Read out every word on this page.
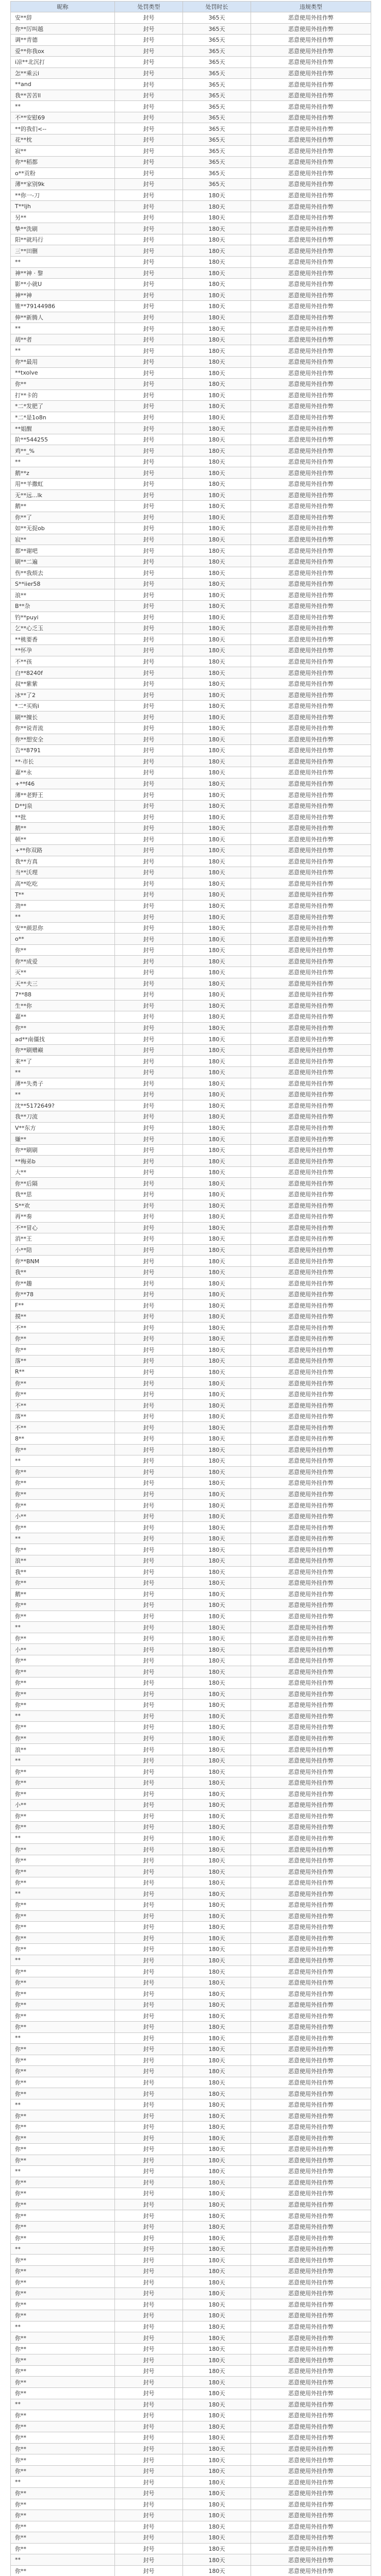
昵称	处罚类型	处罚时长	违规类型
安**辞	封号	365天	恶意使用外挂作弊
你**厉叫越	封号	365天	恶意使用外挂作弊
调**青德	封号	365天	恶意使用外挂作弊
爱**你我ox	封号	365天	恶意使用外挂作弊
i凉**北沉打	封号	365天	恶意使用外挂作弊
怎**乘云i	封号	365天	恶意使用外挂作弊
**and	封号	365天	恶意使用外挂作弊
我**苦苦ll	封号	365天	恶意使用外挂作弊
**	封号	365天	恶意使用外挂作弊
不**安慰69	封号	365天	恶意使用外挂作弊
**的我们<--	封号	365天	恶意使用外挂作弊
花**枕	封号	365天	恶意使用外挂作弊
寂**	封号	365天	恶意使用外挂作弊
你**稻都	封号	365天	恶意使用外挂作弊
o**贡粉	封号	365天	恶意使用外挂作弊
薄**家别9k	封号	365天	恶意使用外挂作弊
**你一-刀	封号	180天	恶意使用外挂作弊
T**ljh	封号	180天	恶意使用外挂作弊
另**	封号	180天	恶意使用外挂作弊
挚**洗刷	封号	180天	恶意使用外挂作弊
阳**就玛行	封号	180天	恶意使用外挂作弊
三**田删	封号	180天	恶意使用外挂作弊
**	封号	180天	恶意使用外挂作弊
神**神 · 黎	封号	180天	恶意使用外挂作弊
影**小就U	封号	180天	恶意使用外挂作弊
神**神	封号	180天	恶意使用外挂作弊
锥**79144986	封号	180天	恶意使用外挂作弊
伸**新腾人	封号	180天	恶意使用外挂作弊
**	封号	180天	恶意使用外挂作弊
胡**者	封号	180天	恶意使用外挂作弊
**	封号	180天	恶意使用外挂作弊
你**最用	封号	180天	恶意使用外挂作弊
**txolve	封号	180天	恶意使用外挂作弊
你**	封号	180天	恶意使用外挂作弊
打**卡的	封号	180天	恶意使用外挂作弊
*二*发肥了	封号	180天	恶意使用外挂作弊
*二*是1o8n	封号	180天	恶意使用外挂作弊
**姐醒	封号	180天	恶意使用外挂作弊
阶**544255	封号	180天	恶意使用外挂作弊
鸡**_%	封号	180天	恶意使用外挂作弊
**	封号	180天	恶意使用外挂作弊
鹅**z	封号	180天	恶意使用外挂作弊
用**羊撒虹	封号	180天	恶意使用外挂作弊
无**远...lk	封号	180天	恶意使用外挂作弊
鹅**	封号	180天	恶意使用外挂作弊
你**了	封号	180天	恶意使用外挂作弊
如**无捉ob	封号	180天	恶意使用外挂作弊
寂**	封号	180天	恶意使用外挂作弊
都**谢吧	封号	180天	恶意使用外挂作弊
刷**二遍	封号	180天	恶意使用外挂作弊
伤**我烦去	封号	180天	恶意使用外挂作弊
S**iier58	封号	180天	恶意使用外挂作弊
浪**	封号	180天	恶意使用外挂作弊
B**杂	封号	180天	恶意使用外挂作弊
钓**puyi	封号	180天	恶意使用外挂作弊
乞**心乏玉	封号	180天	恶意使用外挂作弊
**桃要香	封号	180天	恶意使用外挂作弊
**怀孕	封号	180天	恶意使用外挂作弊
不**孩	封号	180天	恶意使用外挂作弊
白**8240f	封号	180天	恶意使用外挂作弊
叔**紫紫	封号	180天	恶意使用外挂作弊
冰**了2	封号	180天	恶意使用外挂作弊
*二*买购i	封号	180天	恶意使用外挂作弊
刷**擅长	封号	180天	恶意使用外挂作弊
你**说青流	封号	180天	恶意使用外挂作弊
你**想安全	封号	180天	恶意使用外挂作弊
告**8791	封号	180天	恶意使用外挂作弊
**·市长	封号	180天	恶意使用外挂作弊
嘉**永	封号	180天	恶意使用外挂作弊
+**f46	封号	180天	恶意使用外挂作弊
薄**老野王	封号	180天	恶意使用外挂作弊
D**J泉	封号	180天	恶意使用外挂作弊
**批	封号	180天	恶意使用外挂作弊
鹅**	封号	180天	恶意使用外挂作弊
顿**	封号	180天	恶意使用外挂作弊
+**你双路	封号	180天	恶意使用外挂作弊
我**方真	封号	180天	恶意使用外挂作弊
当**沃理	封号	180天	恶意使用外挂作弊
高**吃吃	封号	180天	恶意使用外挂作弊
T**	封号	180天	恶意使用外挂作弊
劲**	封号	180天	恶意使用外挂作弊
**	封号	180天	恶意使用外挂作弊
安**颜思你	封号	180天	恶意使用外挂作弊
o**	封号	180天	恶意使用外挂作弊
你**	封号	180天	恶意使用外挂作弊
你**成爱	封号	180天	恶意使用外挂作弊
灭**	封号	180天	恶意使用外挂作弊
天**夫三	封号	180天	恶意使用外挂作弊
7**88	封号	180天	恶意使用外挂作弊
生**你	封号	180天	恶意使用外挂作弊
嘉**	封号	180天	恶意使用外挂作弊
你**	封号	180天	恶意使用外挂作弊
ad**南僵找	封号	180天	恶意使用外挂作弊
你**刷赠巅	封号	180天	恶意使用外挂作弊
来**了	封号	180天	恶意使用外挂作弊
**	封号	180天	恶意使用外挂作弊
薄**失勇子	封号	180天	恶意使用外挂作弊
**	封号	180天	恶意使用外挂作弊
沈**5172649?	封号	180天	恶意使用外挂作弊
我**刀流	封号	180天	恶意使用外挂作弊
V**东方	封号	180天	恶意使用外挂作弊
嫌**	封号	180天	恶意使用外挂作弊
你**刷刷	封号	180天	恶意使用外挂作弊
**梅弟b	封号	180天	恶意使用外挂作弊
大**	封号	180天	恶意使用外挂作弊
你**后隔	封号	180天	恶意使用外挂作弊
我**思	封号	180天	恶意使用外挂作弊
S**欢	封号	180天	恶意使用外挂作弊
再**奏	封号	180天	恶意使用外挂作弊
不**冒心	封号	180天	恶意使用外挂作弊
消**王	封号	180天	恶意使用外挂作弊
小**陪	封号	180天	恶意使用外挂作弊
你**BNM	封号	180天	恶意使用外挂作弊
我**	封号	180天	恶意使用外挂作弊
你**趣	封号	180天	恶意使用外挂作弊
你**78	封号	180天	恶意使用外挂作弊
F**	封号	180天	恶意使用外挂作弊
摸**	封号	180天	恶意使用外挂作弊
不**	封号	180天	恶意使用外挂作弊
你**	封号	180天	恶意使用外挂作弊
你**	封号	180天	恶意使用外挂作弊
落**	封号	180天	恶意使用外挂作弊
R**	封号	180天	恶意使用外挂作弊
你**	封号	180天	恶意使用外挂作弊
你**	封号	180天	恶意使用外挂作弊
不**	封号	180天	恶意使用外挂作弊
落**	封号	180天	恶意使用外挂作弊
不**	封号	180天	恶意使用外挂作弊
8**	封号	180天	恶意使用外挂作弊
你**	封号	180天	恶意使用外挂作弊
**	封号	180天	恶意使用外挂作弊
你**	封号	180天	恶意使用外挂作弊
你**	封号	180天	恶意使用外挂作弊
你**	封号	180天	恶意使用外挂作弊
你**	封号	180天	恶意使用外挂作弊
小**	封号	180天	恶意使用外挂作弊
你**	封号	180天	恶意使用外挂作弊
**	封号	180天	恶意使用外挂作弊
你**	封号	180天	恶意使用外挂作弊
浪**	封号	180天	恶意使用外挂作弊
我**	封号	180天	恶意使用外挂作弊
你**	封号	180天	恶意使用外挂作弊
鹅**	封号	180天	恶意使用外挂作弊
你**	封号	180天	恶意使用外挂作弊
你**	封号	180天	恶意使用外挂作弊
**	封号	180天	恶意使用外挂作弊
你**	封号	180天	恶意使用外挂作弊
小**	封号	180天	恶意使用外挂作弊
你**	封号	180天	恶意使用外挂作弊
你**	封号	180天	恶意使用外挂作弊
你**	封号	180天	恶意使用外挂作弊
你**	封号	180天	恶意使用外挂作弊
你**	封号	180天	恶意使用外挂作弊
**	封号	180天	恶意使用外挂作弊
你**	封号	180天	恶意使用外挂作弊
你**	封号	180天	恶意使用外挂作弊
浪**	封号	180天	恶意使用外挂作弊
**	封号	180天	恶意使用外挂作弊
你**	封号	180天	恶意使用外挂作弊
你**	封号	180天	恶意使用外挂作弊
你**	封号	180天	恶意使用外挂作弊
小**	封号	180天	恶意使用外挂作弊
你**	封号	180天	恶意使用外挂作弊
你**	封号	180天	恶意使用外挂作弊
**	封号	180天	恶意使用外挂作弊
你**	封号	180天	恶意使用外挂作弊
你**	封号	180天	恶意使用外挂作弊
你**	封号	180天	恶意使用外挂作弊
你**	封号	180天	恶意使用外挂作弊
**	封号	180天	恶意使用外挂作弊
你**	封号	180天	恶意使用外挂作弊
你**	封号	180天	恶意使用外挂作弊
你**	封号	180天	恶意使用外挂作弊
你**	封号	180天	恶意使用外挂作弊
你**	封号	180天	恶意使用外挂作弊
**	封号	180天	恶意使用外挂作弊
你**	封号	180天	恶意使用外挂作弊
你**	封号	180天	恶意使用外挂作弊
你**	封号	180天	恶意使用外挂作弊
你**	封号	180天	恶意使用外挂作弊
你**	封号	180天	恶意使用外挂作弊
你**	封号	180天	恶意使用外挂作弊
**	封号	180天	恶意使用外挂作弊
你**	封号	180天	恶意使用外挂作弊
你**	封号	180天	恶意使用外挂作弊
你**	封号	180天	恶意使用外挂作弊
你**	封号	180天	恶意使用外挂作弊
你**	封号	180天	恶意使用外挂作弊
**	封号	180天	恶意使用外挂作弊
你**	封号	180天	恶意使用外挂作弊
你**	封号	180天	恶意使用外挂作弊
你**	封号	180天	恶意使用外挂作弊
你**	封号	180天	恶意使用外挂作弊
你**	封号	180天	恶意使用外挂作弊
**	封号	180天	恶意使用外挂作弊
你**	封号	180天	恶意使用外挂作弊
你**	封号	180天	恶意使用外挂作弊
你**	封号	180天	恶意使用外挂作弊
你**	封号	180天	恶意使用外挂作弊
你**	封号	180天	恶意使用外挂作弊
你**	封号	180天	恶意使用外挂作弊
**	封号	180天	恶意使用外挂作弊
你**	封号	180天	恶意使用外挂作弊
你**	封号	180天	恶意使用外挂作弊
你**	封号	180天	恶意使用外挂作弊
你**	封号	180天	恶意使用外挂作弊
你**	封号	180天	恶意使用外挂作弊
你**	封号	180天	恶意使用外挂作弊
**	封号	180天	恶意使用外挂作弊
你**	封号	180天	恶意使用外挂作弊
你**	封号	180天	恶意使用外挂作弊
你**	封号	180天	恶意使用外挂作弊
你**	封号	180天	恶意使用外挂作弊
你**	封号	180天	恶意使用外挂作弊
你**	封号	180天	恶意使用外挂作弊
**	封号	180天	恶意使用外挂作弊
你**	封号	180天	恶意使用外挂作弊
你**	封号	180天	恶意使用外挂作弊
你**	封号	180天	恶意使用外挂作弊
你**	封号	180天	恶意使用外挂作弊
你**	封号	180天	恶意使用外挂作弊
你**	封号	180天	恶意使用外挂作弊
**	封号	180天	恶意使用外挂作弊
你**	封号	180天	恶意使用外挂作弊
你**	封号	180天	恶意使用外挂作弊
你**	封号	180天	恶意使用外挂作弊
你**	封号	180天	恶意使用外挂作弊
你**	封号	180天	恶意使用外挂作弊
你**	封号	180天	恶意使用外挂作弊
**	封号	180天	恶意使用外挂作弊
你**	封号	180天	恶意使用外挂作弊
